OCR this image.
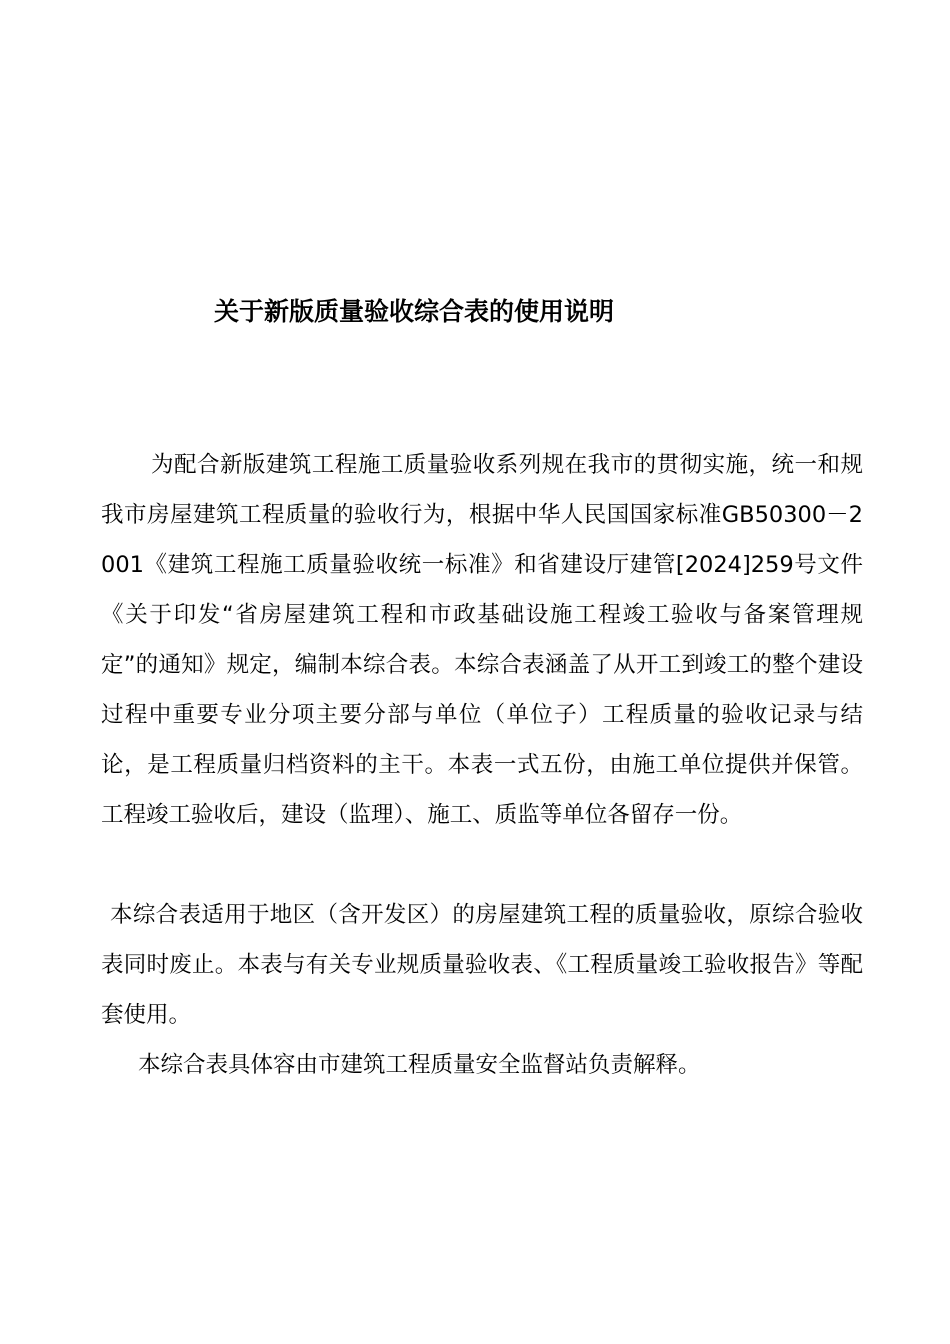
关于新版质量验收综合表的使用说明

为配合新版建筑工程施工质量验收系列规在我市的贯彻实施，统一和规我市房屋建筑工程质量的验收行为，根据中华人民国国家标准GB50300－2001《建筑工程施工质量验收统一标准》和省建设厅建管[2024]259号文件《关于印发“省房屋建筑工程和市政基础设施工程竣工验收与备案管理规定”的通知》规定，编制本综合表。本综合表涵盖了从开工到竣工的整个建设过程中重要专业分项主要分部与单位（单位子）工程质量的验收记录与结论，是工程质量归档资料的主干。本表一式五份，由施工单位提供并保管。工程竣工验收后，建设（监理）、施工、质监等单位各留存一份。

本综合表适用于地区（含开发区）的房屋建筑工程的质量验收，原综合验收表同时废止。本表与有关专业规质量验收表、《工程质量竣工验收报告》等配套使用。

本综合表具体容由市建筑工程质量安全监督站负责解释。
